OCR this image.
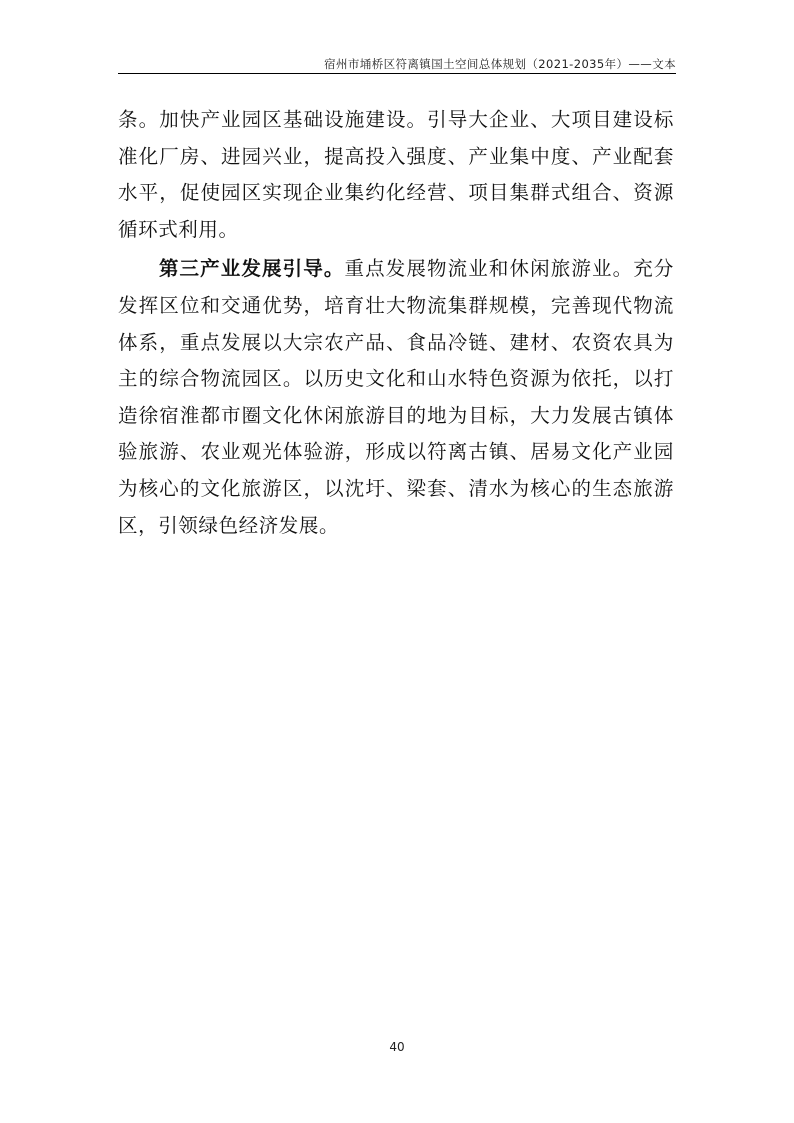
宿州市埇桥区符离镇国土空间总体规划（2021-2035年）——文本

条。加快产业园区基础设施建设。引导大企业、大项目建设标准化厂房、进园兴业，提高投入强度、产业集中度、产业配套水平，促使园区实现企业集约化经营、项目集群式组合、资源循环式利用。

第三产业发展引导。重点发展物流业和休闲旅游业。充分发挥区位和交通优势，培育壮大物流集群规模，完善现代物流体系，重点发展以大宗农产品、食品冷链、建材、农资农具为主的综合物流园区。以历史文化和山水特色资源为依托，以打造徐宿淮都市圈文化休闲旅游目的地为目标，大力发展古镇体验旅游、农业观光体验游，形成以符离古镇、居易文化产业园为核心的文化旅游区，以沈圩、梁套、清水为核心的生态旅游区，引领绿色经济发展。

40
